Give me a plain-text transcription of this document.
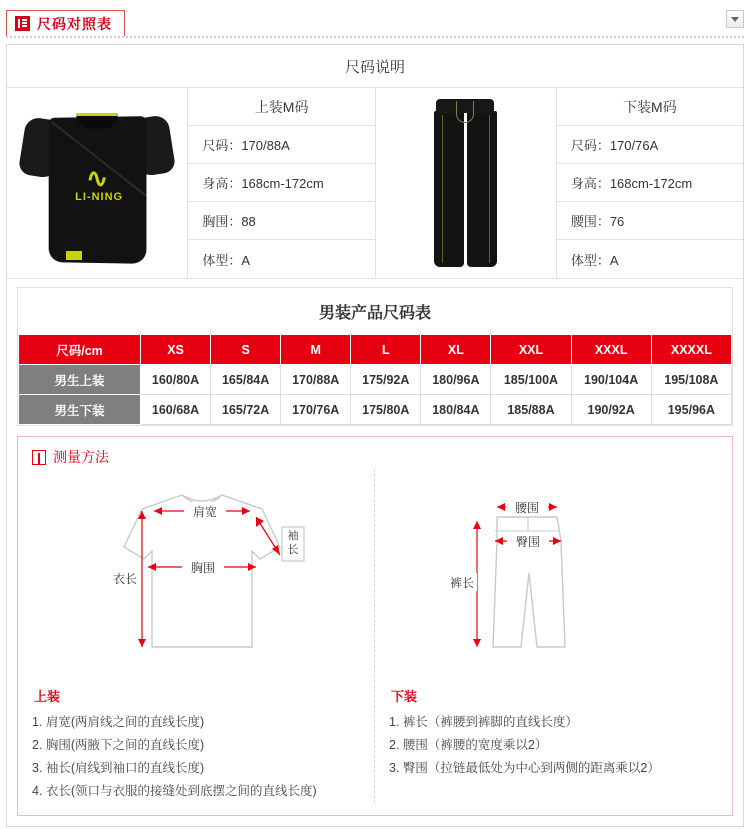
尺码对照表
尺码说明
∿
LI-NING
上装M码
尺码：170/88A
身高：168cm-172cm
胸围：88
体型：A
下装M码
尺码：170/76A
身高：168cm-172cm
腰围：76
体型：A
男装产品尺码表
尺码/cm	XS	S	M	L	XL	XXL	XXXL	XXXXL
男生上装	160/80A	165/84A	170/88A	175/92A	180/96A	185/100A	190/104A	195/108A
男生下装	160/68A	165/72A	170/76A	175/80A	180/84A	185/88A	190/92A	195/96A
测量方法
肩宽
袖
长
胸围
衣长
上装
1. 肩宽(两肩线之间的直线长度)
2. 胸围(两腋下之间的直线长度)
3. 袖长(肩线到袖口的直线长度)
4. 衣长(领口与衣服的接缝处到底摆之间的直线长度)
腰围
臀围
裤长
下装
1. 裤长（裤腰到裤脚的直线长度）
2. 腰围（裤腰的宽度乘以2）
3. 臀围（拉链最低处为中心到两侧的距离乘以2）
